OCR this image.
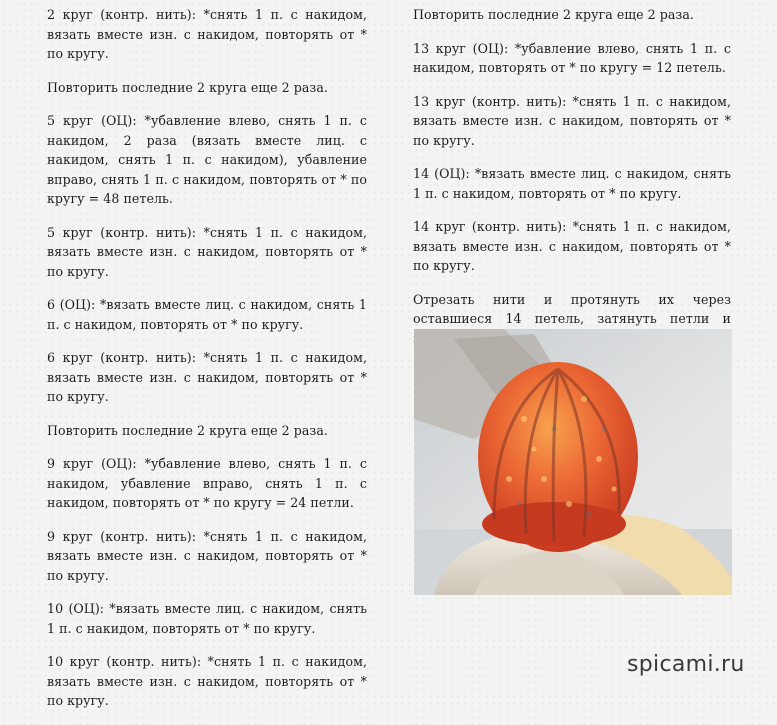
2 круг (контр. нить): *снять 1 п. с накидом, вязать вместе изн. с накидом, повторять от * по кругу.

Повторить последние 2 круга еще 2 раза.

5 круг (ОЦ): *убавление влево, снять 1 п. с накидом, 2 раза (вязать вместе лиц. с накидом, снять 1 п. с накидом), убавление вправо, снять 1 п. с накидом, повторять от * по кругу = 48 петель.

5 круг (контр. нить): *снять 1 п. с накидом, вязать вместе изн. с накидом, повторять от * по кругу.

6 (ОЦ): *вязать вместе лиц. с накидом, снять 1 п. с накидом, повторять от * по кругу.

6 круг (контр. нить): *снять 1 п. с накидом, вязать вместе изн. с накидом, повторять от * по кругу.

Повторить последние 2 круга еще 2 раза.

9 круг (ОЦ): *убавление влево, снять 1 п. с накидом, убавление вправо, снять 1 п. с накидом, повторять от * по кругу = 24 петли.

9 круг (контр. нить): *снять 1 п. с накидом, вязать вместе изн. с накидом, повторять от * по кругу.

10 (ОЦ): *вязать вместе лиц. с накидом, снять 1 п. с накидом, повторять от * по кругу.

10 круг (контр. нить): *снять 1 п. с накидом, вязать вместе изн. с накидом, повторять от * по кругу.

Повторить последние 2 круга еще 2 раза.

13 круг (ОЦ): *убавление влево, снять 1 п. с накидом, повторять от * по кругу = 12 петель.

13 круг (контр. нить): *снять 1 п. с накидом, вязать вместе изн. с накидом, повторять от * по кругу.

14 (ОЦ): *вязать вместе лиц. с накидом, снять 1 п. с накидом, повторять от * по кругу.

14 круг (контр. нить): *снять 1 п. с накидом, вязать вместе изн. с накидом, повторять от * по кругу.

Отрезать нити и протянуть их через оставшиеся 14 петель, затянуть петли и

spicami.ru
